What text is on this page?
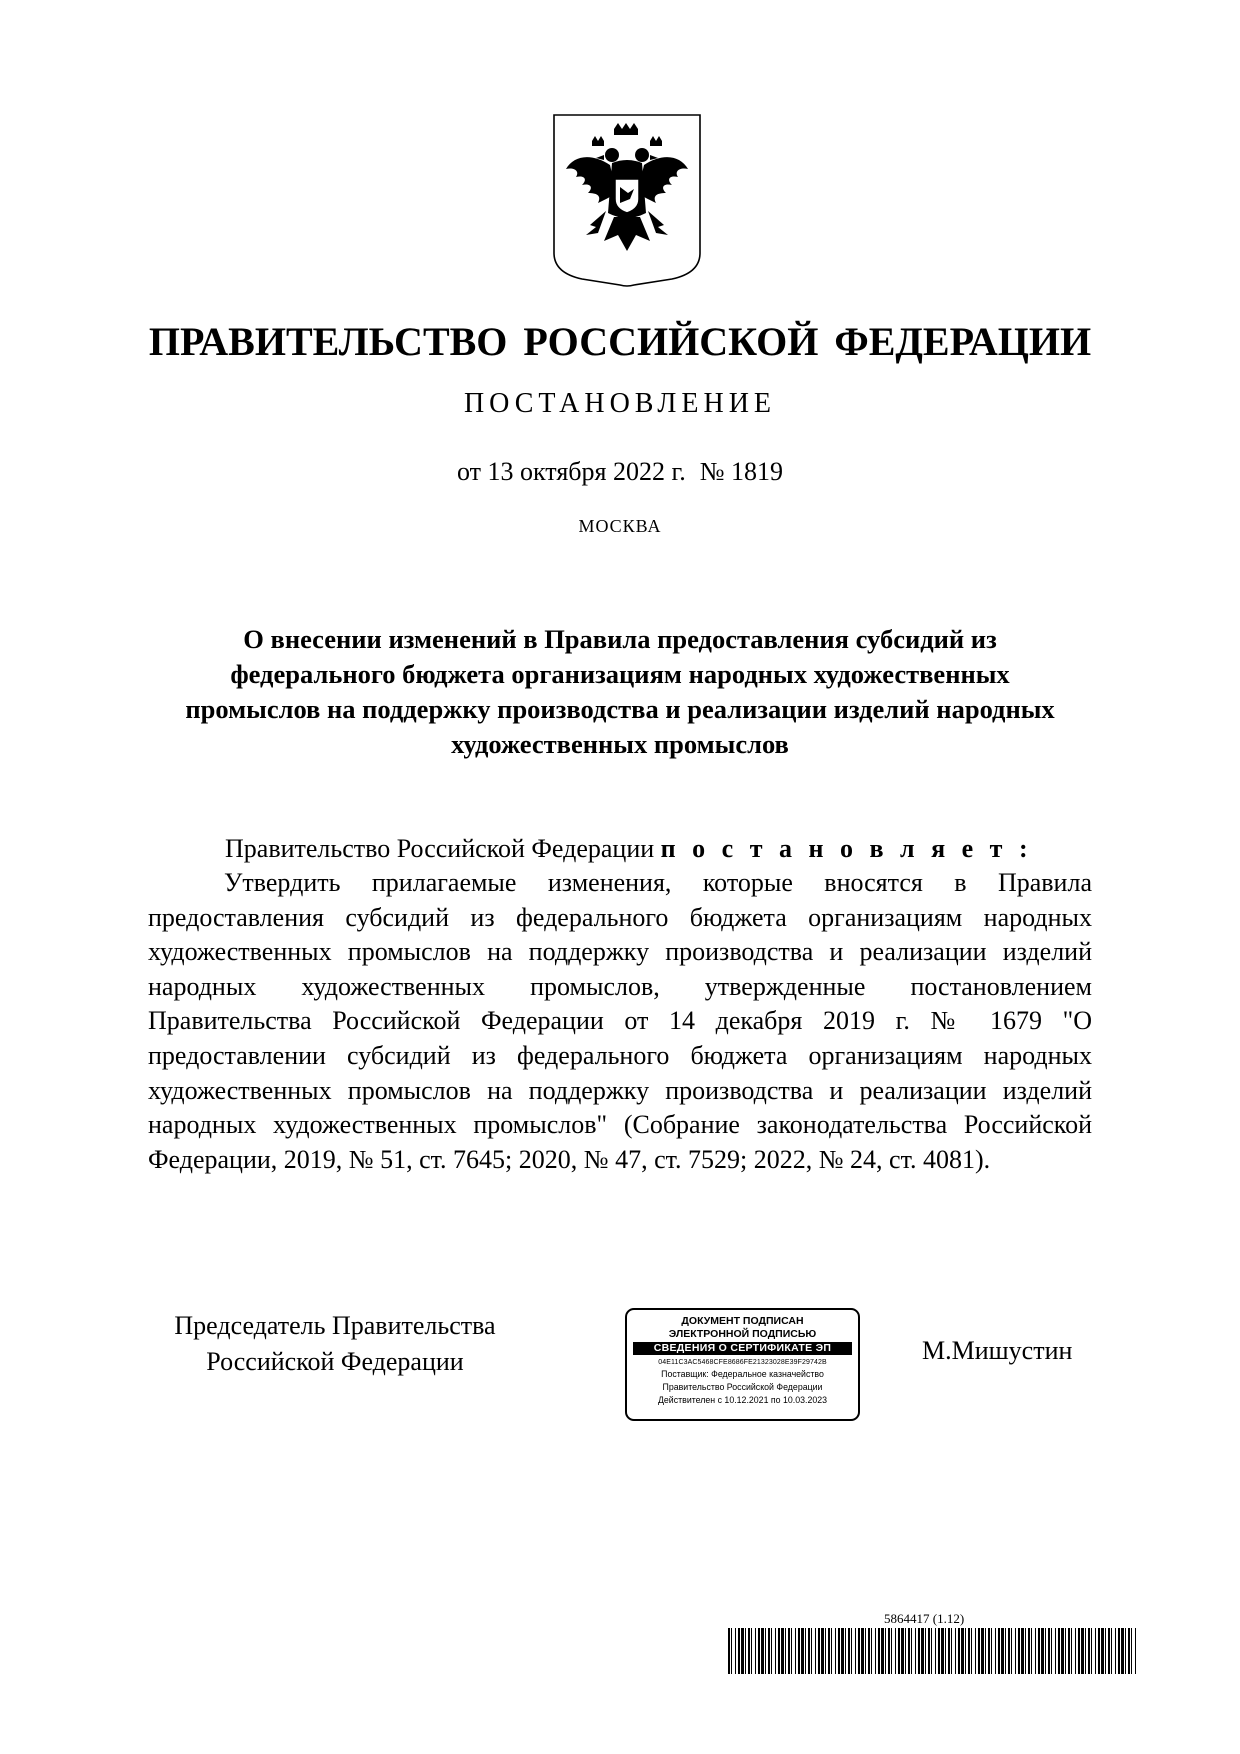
ПРАВИТЕЛЬСТВО РОССИЙСКОЙ ФЕДЕРАЦИИ
ПОСТАНОВЛЕНИЕ
от 13 октября 2022 г. № 1819
МОСКВА
О внесении изменений в Правила предоставления субсидий из федерального бюджета организациям народных художественных промыслов на поддержку производства и реализации изделий народных художественных промыслов
Правительство Российской Федерации п о с т а н о в л я е т :
Утвердить прилагаемые изменения, которые вносятся в Правила предоставления субсидий из федерального бюджета организациям народных художественных промыслов на поддержку производства и реализации изделий народных художественных промыслов, утвержденные постановлением Правительства Российской Федерации от 14 декабря 2019 г. № 1679 "О предоставлении субсидий из федерального бюджета организациям народных художественных промыслов на поддержку производства и реализации изделий народных художественных промыслов" (Собрание законодательства Российской Федерации, 2019, № 51, ст. 7645; 2020, № 47, ст. 7529; 2022, № 24, ст. 4081).
Председатель Правительства
Российской Федерации
ДОКУМЕНТ ПОДПИСАН
ЭЛЕКТРОННОЙ ПОДПИСЬЮ
СВЕДЕНИЯ О СЕРТИФИКАТЕ ЭП
04E11C3AC5468CFE8686FE21323028E39F29742B
Поставщик: Федеральное казначейство
Правительство Российской Федерации
Действителен с 10.12.2021 по 10.03.2023
М.Мишустин
5864417 (1.12)
